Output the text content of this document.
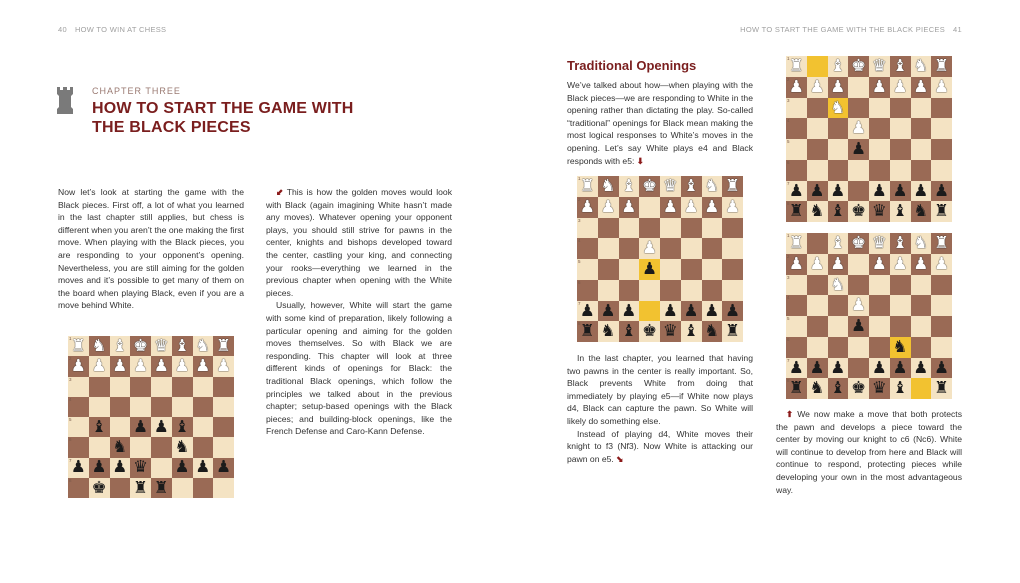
40 HOW TO WIN AT CHESS
CHAPTER THREE
HOW TO START THE GAME WITH THE BLACK PIECES

Now let’s look at starting the game with the Black pieces. First off, a lot of what you learned in the last chapter still applies, but chess is different when you aren’t the one making the first move. When playing with the Black pieces, you are responding to your opponent’s opening. Nevertheless, you are still aiming for the golden moves and it’s possible to get many of them on the board when playing Black, even if you are a move behind White.

1 ♜ ♞ ♝ ♚ ♛ ♝ ♞ ♜
2 ♟ ♟ ♟ ♟ ♟ ♟ ♟ ♟
3
4
5 ♝ ♟ ♟ ♝
6 ♞	♞
7 ♟ ♟ ♟ ♛ ♟ ♟ ♟
8 ♚ ♜ ♜

⬋ This is how the golden moves would look with Black (again imagining White hasn’t made any moves). Whatever opening your opponent plays, you should still strive for pawns in the center, knights and bishops developed toward the center, castling your king, and connecting your rooks—everything we learned in the previous chapter when opening with the White pieces.

Usually, however, White will start the game with some kind of preparation, likely following a particular opening and aiming for the golden moves themselves. So with Black we are responding. This chapter will look at three different kinds of openings for Black: the traditional Black openings, which follow the principles we talked about in the previous chapter; setup-based openings with the Black pieces; and building-block openings, like the French Defense and Caro-Kann Defense.

HOW TO START THE GAME WITH THE BLACK PIECES 41
Traditional Openings

We’ve talked about how—when playing with the Black pieces—we are responding to White in the opening rather than dictating the play. So-called “traditional” openings for Black mean making the most logical responses to White’s moves in the opening. Let’s say White plays e4 and Black responds with e5: ⬇

1 ♜ ♞ ♝ ♚ ♛ ♝ ♞ ♜
2 ♟ ♟ ♟ ♟ ♟ ♟ ♟
3
4	♟
5	♟
6
7 ♟ ♟ ♟ ♟ ♟ ♟ ♟
8 ♜ ♞ ♝ ♚ ♛ ♝ ♞ ♜

In the last chapter, you learned that having two pawns in the center is really important. So, Black prevents White from doing that immediately by playing e5—if White now plays d4, Black can capture the pawn. So White will likely do something else.

Instead of playing d4, White moves their knight to f3 (Nf3). Now White is attacking our pawn on e5. ⬊

1 ♜ ♝ ♚ ♛ ♝ ♞ ♜
2 ♟ ♟ ♟ ♟ ♟ ♟ ♟
3 ♞
4	♟
5	♟
6
7 ♟ ♟ ♟ ♟ ♟ ♟ ♟
8 ♜ ♞ ♝ ♚ ♛ ♝ ♞ ♜
1 ♜ ♝ ♚ ♛ ♝ ♞ ♜
2 ♟ ♟ ♟ ♟ ♟ ♟ ♟
3 ♞
4	♟
5	♟
6	♞
7 ♟ ♟ ♟ ♟ ♟ ♟ ♟
8 ♜ ♞ ♝ ♚ ♛ ♝ ♜

⬆ We now make a move that both protects the pawn and develops a piece toward the center by moving our knight to c6 (Nc6). White will continue to develop from here and Black will continue to respond, protecting pieces while developing your own in the most advantageous way.
